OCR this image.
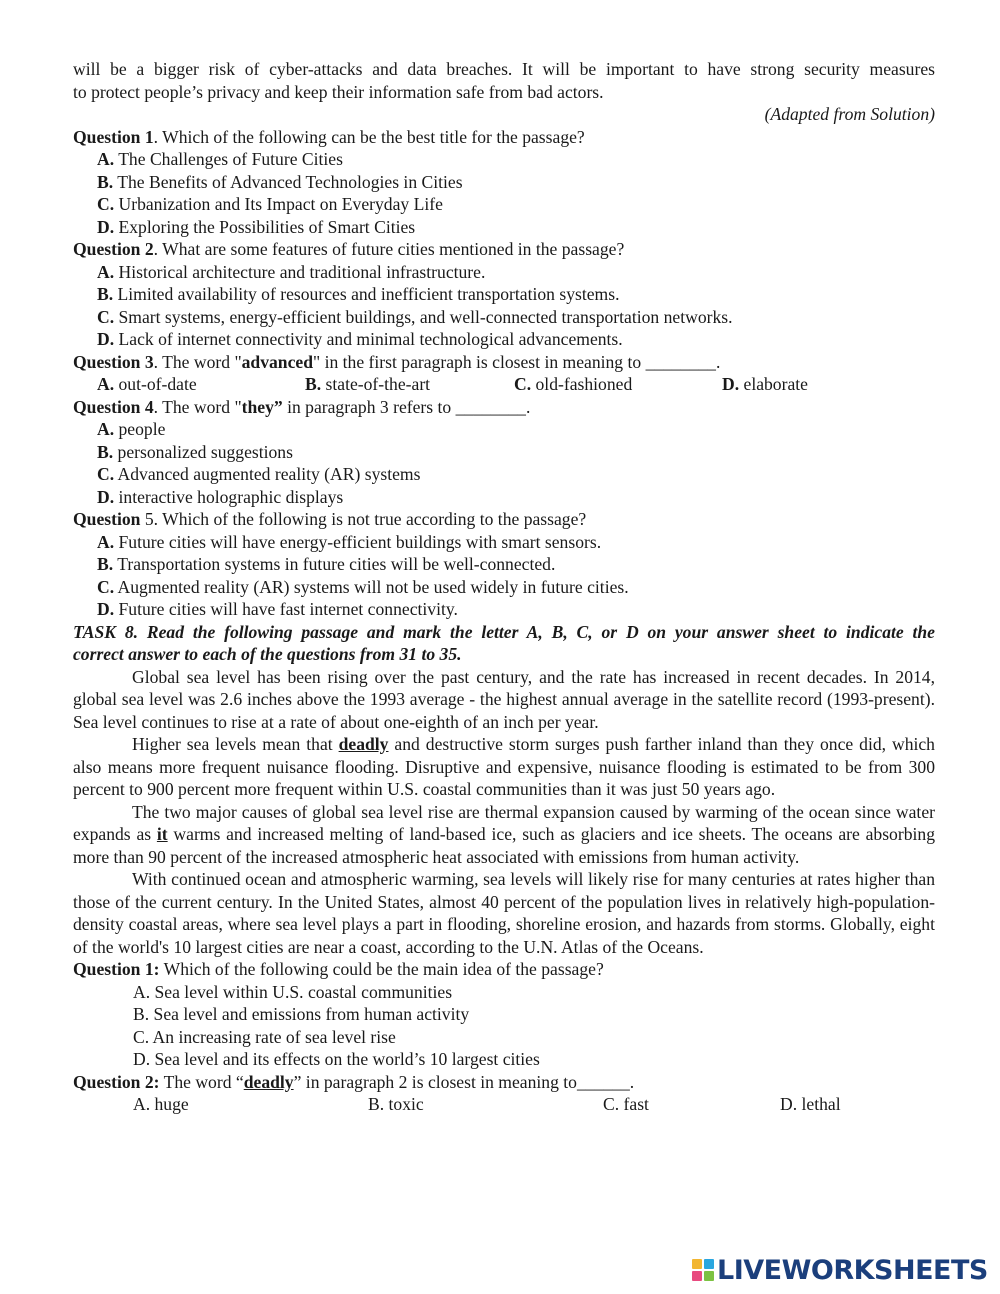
will be a bigger risk of cyber-attacks and data breaches. It will be important to have strong security measures

to protect people’s privacy and keep their information safe from bad actors.

(Adapted from Solution)

Question 1. Which of the following can be the best title for the passage?

A. The Challenges of Future Cities

B. The Benefits of Advanced Technologies in Cities

C. Urbanization and Its Impact on Everyday Life

D. Exploring the Possibilities of Smart Cities

Question 2. What are some features of future cities mentioned in the passage?

A. Historical architecture and traditional infrastructure.

B. Limited availability of resources and inefficient transportation systems.

C. Smart systems, energy-efficient buildings, and well-connected transportation networks.

D. Lack of internet connectivity and minimal technological advancements.

Question 3. The word "advanced" in the first paragraph is closest in meaning to ________.

A. out-of-date	B. state-of-the-art	C. old-fashioned	D. elaborate

Question 4. The word "they” in paragraph 3 refers to ________.

A. people

B. personalized suggestions

C. Advanced augmented reality (AR) systems

D. interactive holographic displays

Question 5. Which of the following is not true according to the passage?

A. Future cities will have energy-efficient buildings with smart sensors.

B. Transportation systems in future cities will be well-connected.

C. Augmented reality (AR) systems will not be used widely in future cities.

D. Future cities will have fast internet connectivity.

TASK 8. Read the following passage and mark the letter A, B, C, or D on your answer sheet to indicate the

correct answer to each of the questions from 31 to 35.

Global sea level has been rising over the past century, and the rate has increased in recent decades. In 2014, global sea level was 2.6 inches above the 1993 average - the highest annual average in the satellite record (1993-present). Sea level continues to rise at a rate of about one-eighth of an inch per year.

Higher sea levels mean that deadly and destructive storm surges push farther inland than they once did, which also means more frequent nuisance flooding. Disruptive and expensive, nuisance flooding is estimated to be from 300 percent to 900 percent more frequent within U.S. coastal communities than it was just 50 years ago.

The two major causes of global sea level rise are thermal expansion caused by warming of the ocean since water expands as it warms and increased melting of land-based ice, such as glaciers and ice sheets. The oceans are absorbing more than 90 percent of the increased atmospheric heat associated with emissions from human activity.

With continued ocean and atmospheric warming, sea levels will likely rise for many centuries at rates higher than those of the current century. In the United States, almost 40 percent of the population lives in relatively high-population-density coastal areas, where sea level plays a part in flooding, shoreline erosion, and hazards from storms. Globally, eight of the world's 10 largest cities are near a coast, according to the U.N. Atlas of the Oceans.

Question 1: Which of the following could be the main idea of the passage?

A. Sea level within U.S. coastal communities

B. Sea level and emissions from human activity

C. An increasing rate of sea level rise

D. Sea level and its effects on the world’s 10 largest cities

Question 2: The word “deadly” in paragraph 2 is closest in meaning to______.

A. huge	B. toxic	C. fast	D. lethal
LIVEWORKSHEETS
